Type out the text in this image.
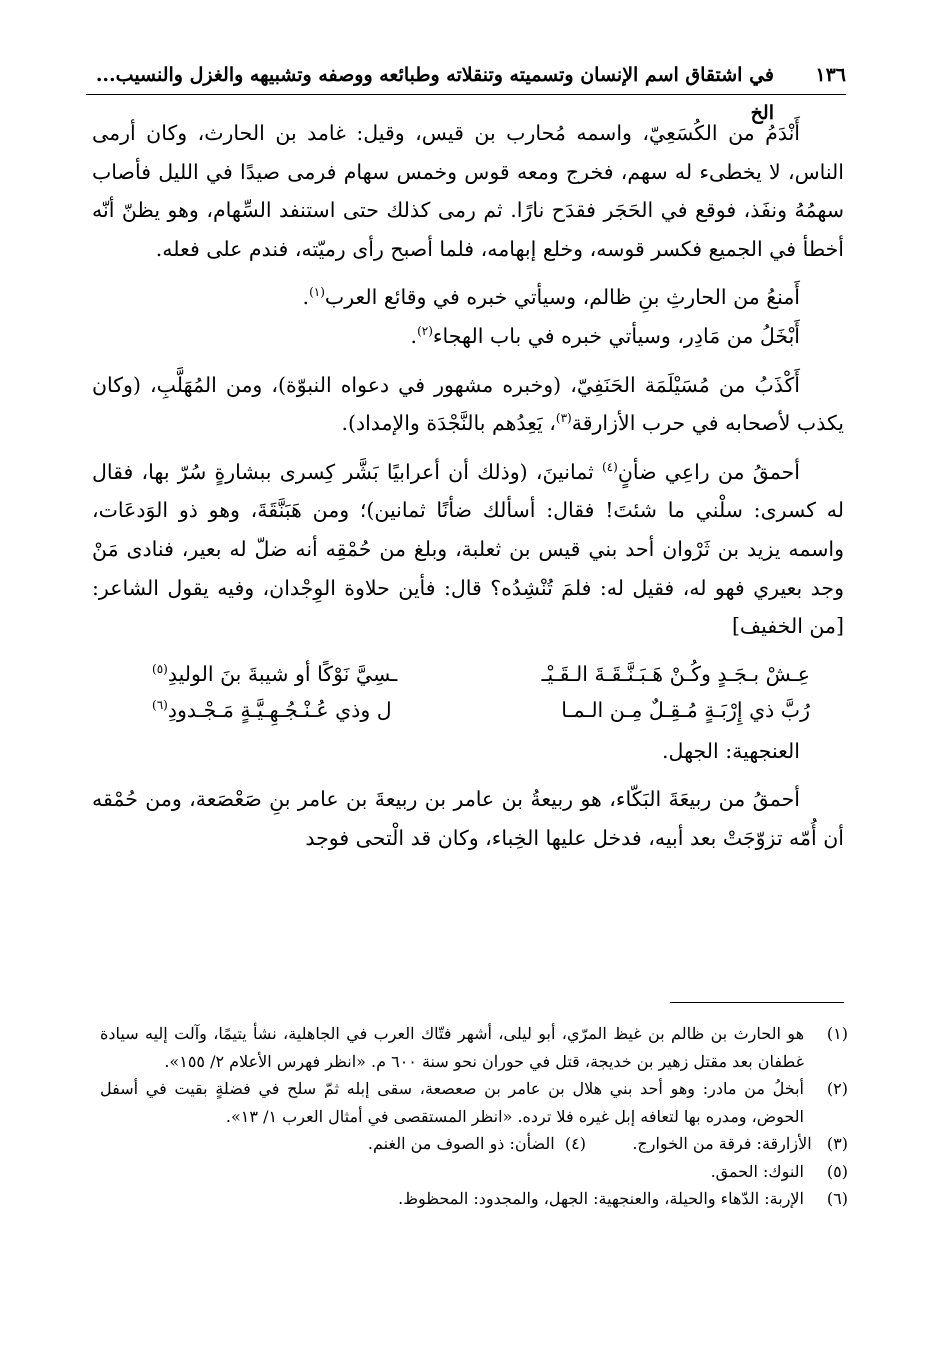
١٣٦
في اشتقاق اسم الإنسان وتسميته وتنقلاته وطبائعه ووصفه وتشبيهه والغزل والنسيب... الخ

أَنْدَمُ من الكُسَعِيّ، واسمه مُحارب بن قيس، وقيل: غامد بن الحارث، وكان أرمى الناس، لا يخطىء له سهم، فخرج ومعه قوس وخمس سهام فرمى صيدًا في الليل فأصاب سهمُهُ ونفَذ، فوقع في الحَجَر فقدَح نارًا. ثم رمى كذلك حتى استنفد السِّهام، وهو يظنّ أنّه أخطأ في الجميع فكسر قوسه، وخلع إبهامه، فلما أصبح رأى رميّته، فندم على فعله.

أَمنعُ من الحارثِ بنِ ظالم، وسيأتي خبره في وقائع العرب$^{(١)}$.

أَبْخَلُ من مَادِر، وسيأتي خبره في باب الهجاء$^{(٢)}$.

أَكْذَبُ من مُسَيْلَمَة الحَنَفِيّ، (وخبره مشهور في دعواه النبوّة)، ومن المُهَلَّبِ، (وكان يكذب لأصحابه في حرب الأزارقة$^{(٣)}$، يَعِدُهم بالنَّجْدَة والإمداد).

أحمقُ من راعِي ضأنٍ$^{(٤)}$ ثمانينَ، (وذلك أن أعرابيًا بَشَّر كِسرى ببشارةٍ سُرّ بها، فقال له كسرى: سلْني ما شئتَ! فقال: أسألك ضأنًا ثمانين)؛ ومن هَبَنَّقَةَ، وهو ذو الوَدعَات، واسمه يزيد بن ثَرْوان أحد بني قيس بن ثعلبة، وبلغ من حُمْقِه أنه ضلّ له بعير، فنادى مَنْ وجد بعيري فهو له، فقيل له: فلمَ تُنْشِدُه؟ قال: فأين حلاوة الوِجْدان، وفيه يقول الشاعر: [من الخفيف]

عِـشْ بـجَـدٍ وكُـنْ هَـبَـنَّـقَـةَ الـقَـيْـ
ـسِيَّ نَوْكًا أو شيبةَ بنَ الوليدِ$^{(٥)}$
رُبَّ ذي إِرْبَـةٍ مُـقِـلٌ مِـن الـمـا
ل وذي عُـنْـجُـهِـيَّـةٍ مَـجْـدودِ$^{(٦)}$

العنجهية: الجهل.

أحمقُ من ربيعَةَ البَكّاء، هو ربيعةُ بن عامر بن ربيعةَ بن عامر بنِ صَعْصَعة، ومن حُمْقه أن أُمّه تزوّجَتْ بعد أبيه، فدخل عليها الخِباء، وكان قد الْتحى فوجد

(١)
هو الحارث بن ظالم بن غيظ المرّي، أبو ليلى، أشهر فتّاك العرب في الجاهلية، نشأ يتيمًا، وآلت إليه سيادة غطفان بعد مقتل زهير بن خديجة، قتل في حوران نحو سنة ٦٠٠ م. «انظر فهرس الأعلام ٢/ ١٥٥».
(٢)
أبخلُ من مادر: وهو أحد بني هلال بن عامر بن صعصعة، سقى إبله ثمّ سلح في فضلةٍ بقيت في أسفل الحوض، ومدره بها لتعافه إبل غيره فلا ترده. «انظر المستقصى في أمثال العرب ١/ ١٣».
(٣)   الأزارقة: فرقة من الخوارج.
(٤)  الضأن: ذو الصوف من الغنم.
(٥)
النوك: الحمق.
(٦)
الإربة: الدّهاء والحيلة، والعنجهية: الجهل، والمجدود: المحظوظ.
